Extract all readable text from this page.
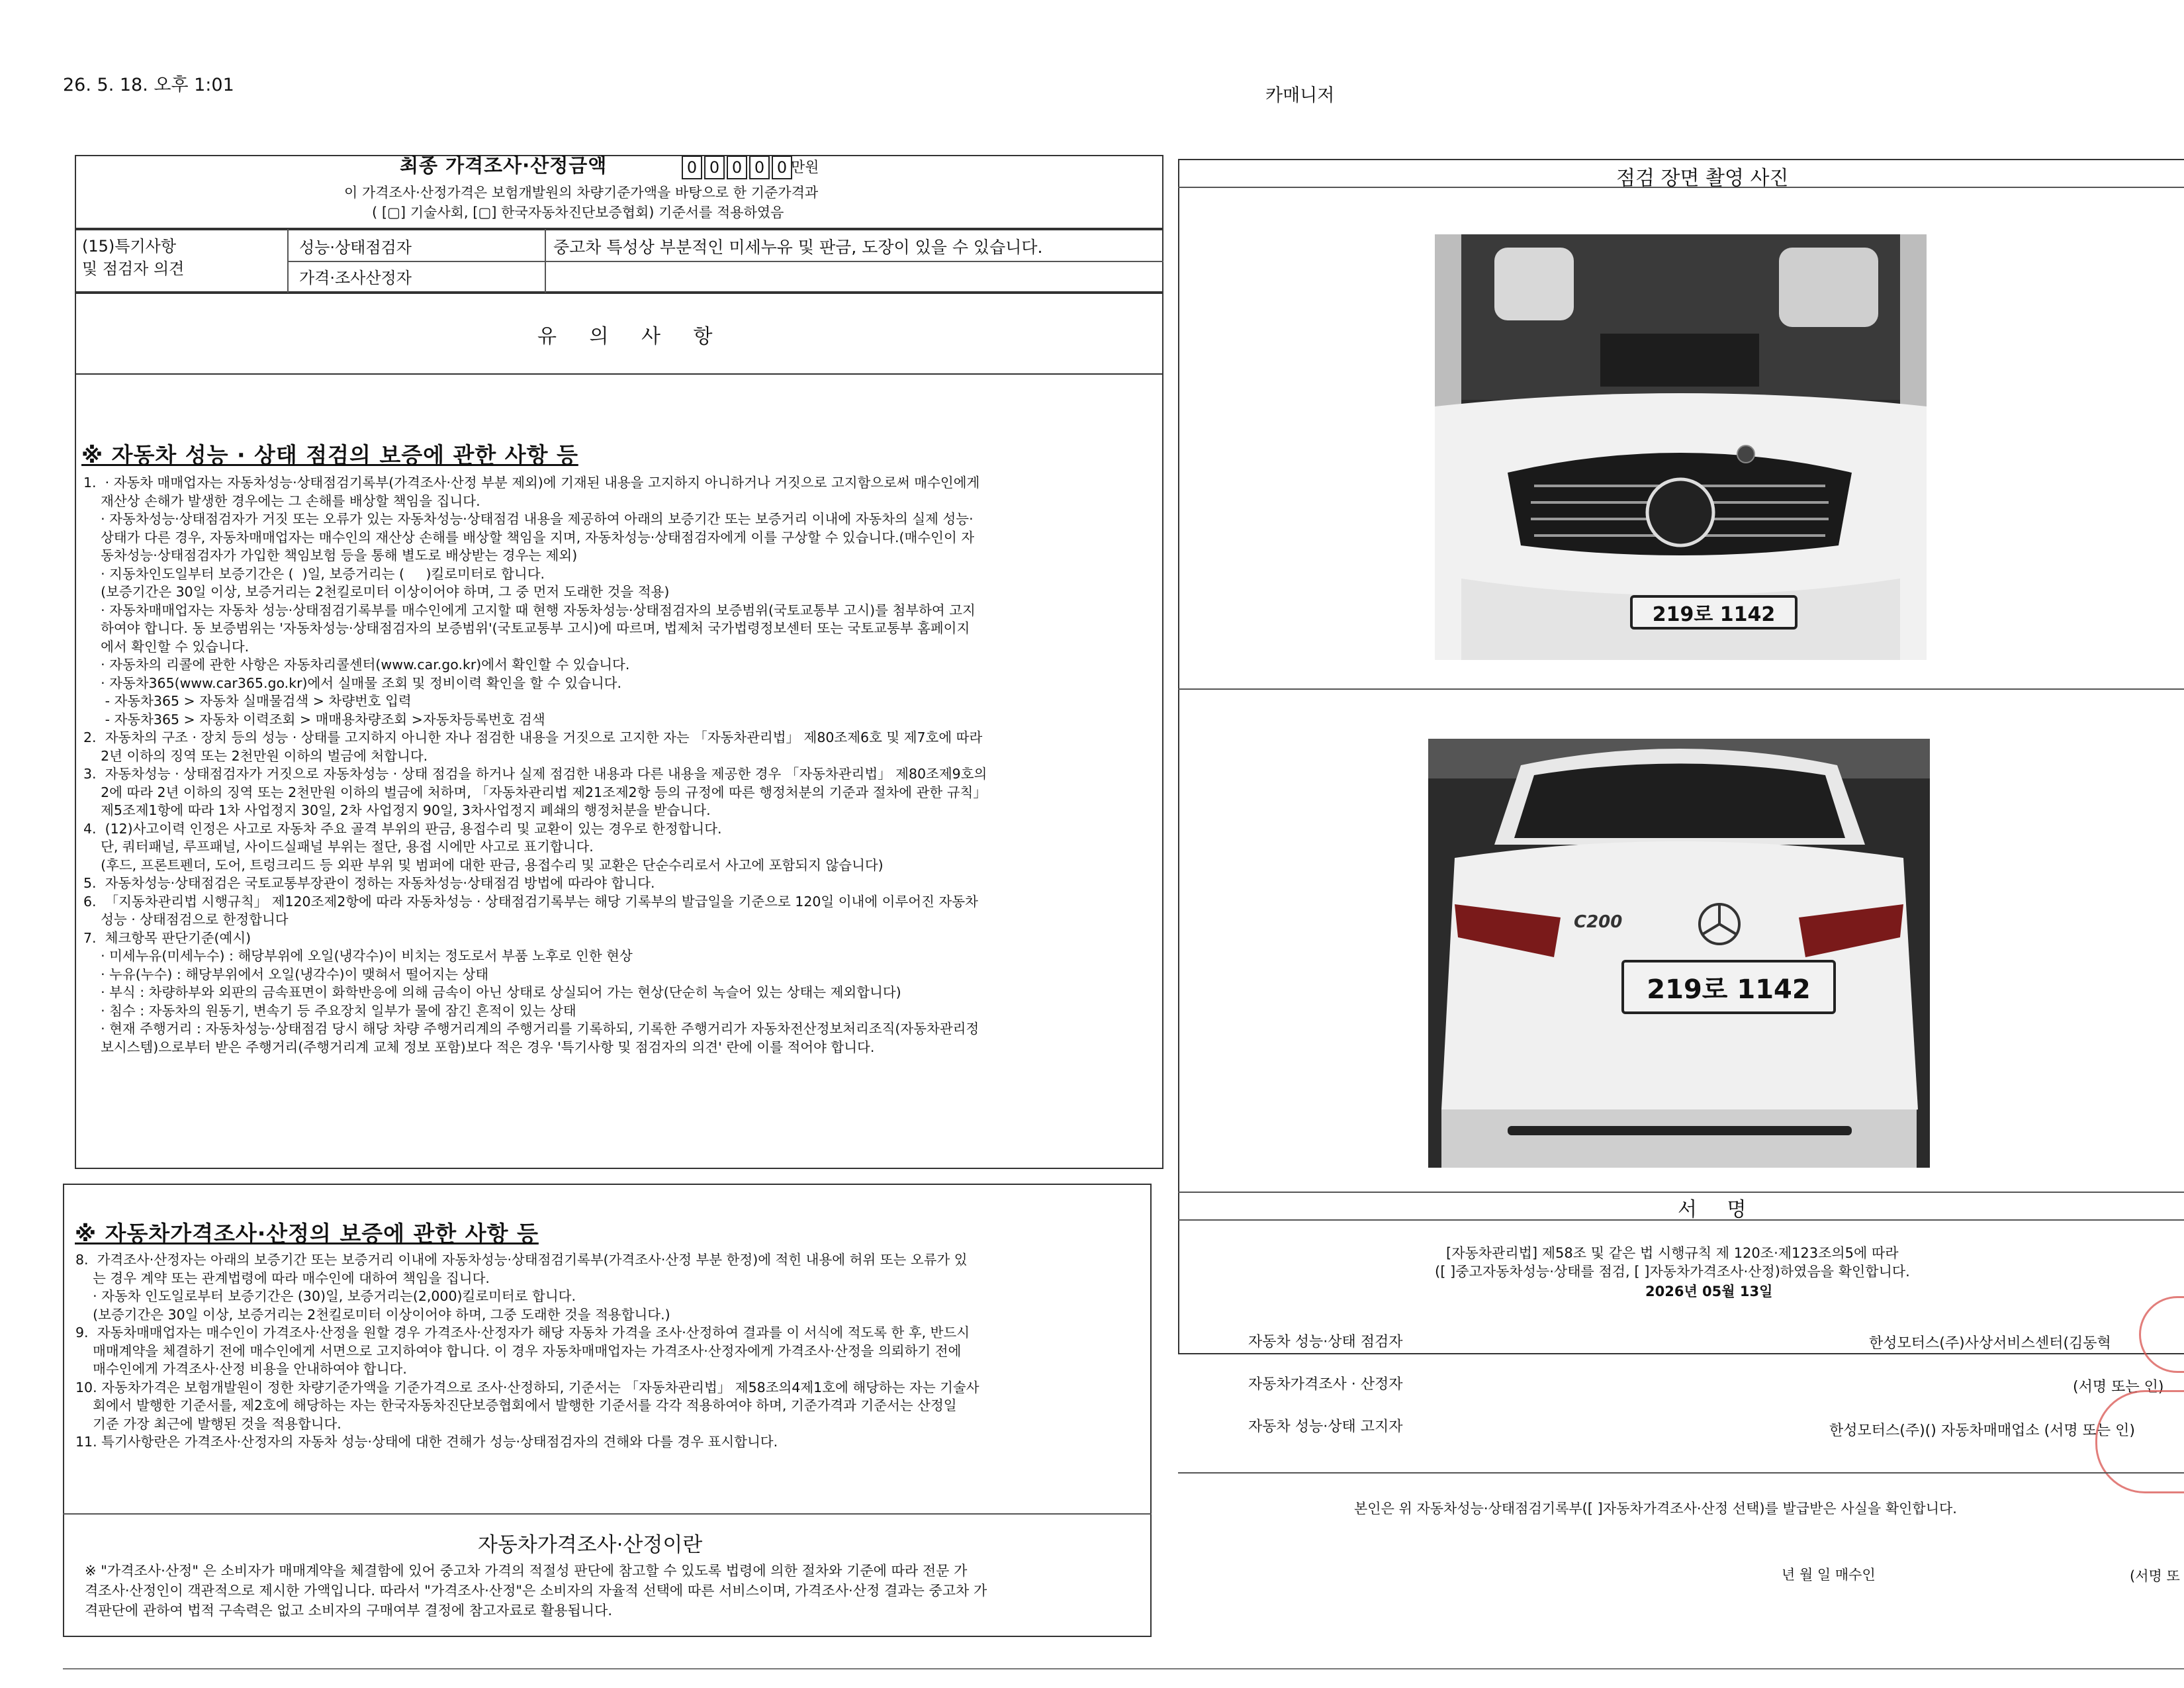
26. 5. 18. 오후 1:01
카매니저
최종 가격조사·산정금액	0 0 0 0 0 만원
이 가격조사·산정가격은 보험개발원의 차량기준가액을 바탕으로 한 기준가격과
( [▢] 기술사회, [▢] 한국자동차진단보증협회) 기준서를 적용하였음
(15)특기사항
및 점검자 의견
성능·상태점검자	중고차 특성상 부분적인 미세누유 및 판금, 도장이 있을 수 있습니다.
가격·조사산정자
유 의 사 항
※ 자동차 성능 · 상태 점검의 보증에 관한 사항 등

1.  · 자동차 매매업자는 자동차성능·상태점검기록부(가격조사·산정 부분 제외)에 기재된 내용을 고지하지 아니하거나 거짓으로 고지함으로써 매수인에게

재산상 손해가 발생한 경우에는 그 손해를 배상할 책임을 집니다.

· 자동차성능·상태점검자가 거짓 또는 오류가 있는 자동차성능·상태점검 내용을 제공하여 아래의 보증기간 또는 보증거리 이내에 자동차의 실제 성능·

상태가 다른 경우, 자동차매매업자는 매수인의 재산상 손해를 배상할 책임을 지며, 자동차성능·상태점검자에게 이를 구상할 수 있습니다.(매수인이 자

동차성능·상태점검자가 가입한 책임보험 등을 통해 별도로 배상받는 경우는 제외)

· 지동차인도일부터 보증기간은 (  )일, 보증거리는 (     )킬로미터로 합니다.

(보증기간은 30일 이상, 보증거리는 2천킬로미터 이상이어야 하며, 그 중 먼저 도래한 것을 적용)

· 자동차매매업자는 자동차 성능·상태점검기록부를 매수인에게 고지할 때 현행 자동차성능·상태점검자의 보증범위(국토교통부 고시)를 첨부하여 고지

하여야 합니다. 동 보증범위는 '자동차성능·상태점검자의 보증범위'(국토교통부 고시)에 따르며, 법제처 국가법령정보센터 또는 국토교통부 홈페이지

에서 확인할 수 있습니다.

· 자동차의 리콜에 관한 사항은 자동차리콜센터(www.car.go.kr)에서 확인할 수 있습니다.

· 자동차365(www.car365.go.kr)에서 실매물 조회 및 정비이력 확인을 할 수 있습니다.

- 자동차365 > 자동차 실매물검색 > 차량번호 입력

- 자동차365 > 자동차 이력조회 > 매매용차량조회 >자동차등록번호 검색

2.  자동차의 구조 · 장치 등의 성능 · 상태를 고지하지 아니한 자나 점검한 내용을 거짓으로 고지한 자는 「자동차관리법」 제80조제6호 및 제7호에 따라

2년 이하의 징역 또는 2천만원 이하의 벌금에 처합니다.

3.  자동차성능 · 상태점검자가 거짓으로 자동차성능 · 상태 점검을 하거나 실제 점검한 내용과 다른 내용을 제공한 경우 「자동차관리법」 제80조제9호의

2에 따라 2년 이하의 징역 또는 2천만원 이하의 벌금에 처하며, 「자동차관리법 제21조제2항 등의 규정에 따른 행정처분의 기준과 절차에 관한 규칙」

제5조제1항에 따라 1차 사업정지 30일, 2차 사업정지 90일, 3차사업정지 폐쇄의 행정처분을 받습니다.

4.  (12)사고이력 인정은 사고로 자동차 주요 골격 부위의 판금, 용접수리 및 교환이 있는 경우로 한정합니다.

단, 쿼터패널, 루프패널, 사이드실패널 부위는 절단, 용접 시에만 사고로 표기합니다.

(후드, 프론트펜더, 도어, 트렁크리드 등 외판 부위 및 범퍼에 대한 판금, 용접수리 및 교환은 단순수리로서 사고에 포함되지 않습니다)

5.  자동차성능·상태점검은 국토교통부장관이 정하는 자동차성능·상태점검 방법에 따라야 합니다.

6.  「지동차관리법 시행규칙」 제120조제2항에 따라 자동차성능 · 상태점검기록부는 해당 기록부의 발급일을 기준으로 120일 이내에 이루어진 자동차

성능 · 상태점검으로 한정합니다

7.  체크항목 판단기준(예시)

· 미세누유(미세누수) : 해당부위에 오일(냉각수)이 비치는 정도로서 부품 노후로 인한 현상

· 누유(누수) : 해당부위에서 오일(냉각수)이 맺혀서 떨어지는 상태

· 부식 : 차량하부와 외판의 금속표면이 화학반응에 의해 금속이 아닌 상태로 상실되어 가는 현상(단순히 녹슬어 있는 상태는 제외합니다)

· 침수 : 자동차의 원동기, 변속기 등 주요장치 일부가 물에 잠긴 흔적이 있는 상태

· 현재 주행거리 : 자동차성능·상태점검 당시 해당 차량 주행거리계의 주행거리를 기록하되, 기록한 주행거리가 자동차전산정보처리조직(자동차관리정

보시스템)으로부터 받은 주행거리(주행거리계 교체 정보 포함)보다 적은 경우 '특기사항 및 점검자의 의견' 란에 이를 적어야 합니다.

※ 자동차가격조사·산정의 보증에 관한 사항 등

8.  가격조사·산정자는 아래의 보증기간 또는 보증거리 이내에 자동차성능·상태점검기록부(가격조사·산정 부분 한정)에 적힌 내용에 허위 또는 오류가 있

는 경우 계약 또는 관계법령에 따라 매수인에 대하여 책임을 집니다.

· 자동차 인도일로부터 보증기간은 (30)일, 보증거리는(2,000)킬로미터로 합니다.

(보증기간은 30일 이상, 보증거리는 2천킬로미터 이상이어야 하며, 그중 도래한 것을 적용합니다.)

9.  자동차매매업자는 매수인이 가격조사·산정을 원할 경우 가격조사·산정자가 해당 자동차 가격을 조사·산정하여 결과를 이 서식에 적도록 한 후, 반드시

매매계약을 체결하기 전에 매수인에게 서면으로 고지하여야 합니다. 이 경우 자동차매매업자는 가격조사·산정자에게 가격조사·산정을 의뢰하기 전에

매수인에게 가격조사·산정 비용을 안내하여야 합니다.

10. 자동차가격은 보험개발원이 정한 차량기준가액을 기준가격으로 조사·산정하되, 기준서는 「자동차관리법」 제58조의4제1호에 해당하는 자는 기술사

회에서 발행한 기준서를, 제2호에 해당하는 자는 한국자동차진단보증협회에서 발행한 기준서를 각각 적용하여야 하며, 기준가격과 기준서는 산정일

기준 가장 최근에 발행된 것을 적용합니다.

11. 특기사항란은 가격조사·산정자의 자동차 성능·상태에 대한 견해가 성능·상태점검자의 견해와 다를 경우 표시합니다.

자동차가격조사·산정이란

※ "가격조사·산정" 은 소비자가 매매계약을 체결함에 있어 중고차 가격의 적절성 판단에 참고할 수 있도록 법령에 의한 절차와 기준에 따라 전문 가

격조사·산정인이 객관적으로 제시한 가액입니다. 따라서 "가격조사·산정"은 소비자의 자율적 선택에 따른 서비스이며, 가격조사·산정 결과는 중고차 가

격판단에 관하여 법적 구속력은 없고 소비자의 구매여부 결정에 참고자료로 활용됩니다.

점검 장면 촬영 사진
219로 1142
C200
219로 1142
서 명
[자동차관리법] 제58조 및 같은 법 시행규칙 제 120조·제123조의5에 따라
([ ]중고자동차성능·상태를 점검, [ ]자동차가격조사·산정)하였음을 확인합니다.
2026년 05월 13일
자동차 성능·상태 점검자	한성모터스(주)사상서비스센터(김동혁
자동차가격조사 · 산정자	(서명 또는 인)
자동차 성능·상태 고지자	한성모터스(주)() 자동차매매업소 (서명 또는 인)
본인은 위 자동차성능·상태점검기록부([ ]자동차가격조사·산정 선택)를 발급받은 사실을 확인합니다.
년 월 일 매수인	(서명 또
